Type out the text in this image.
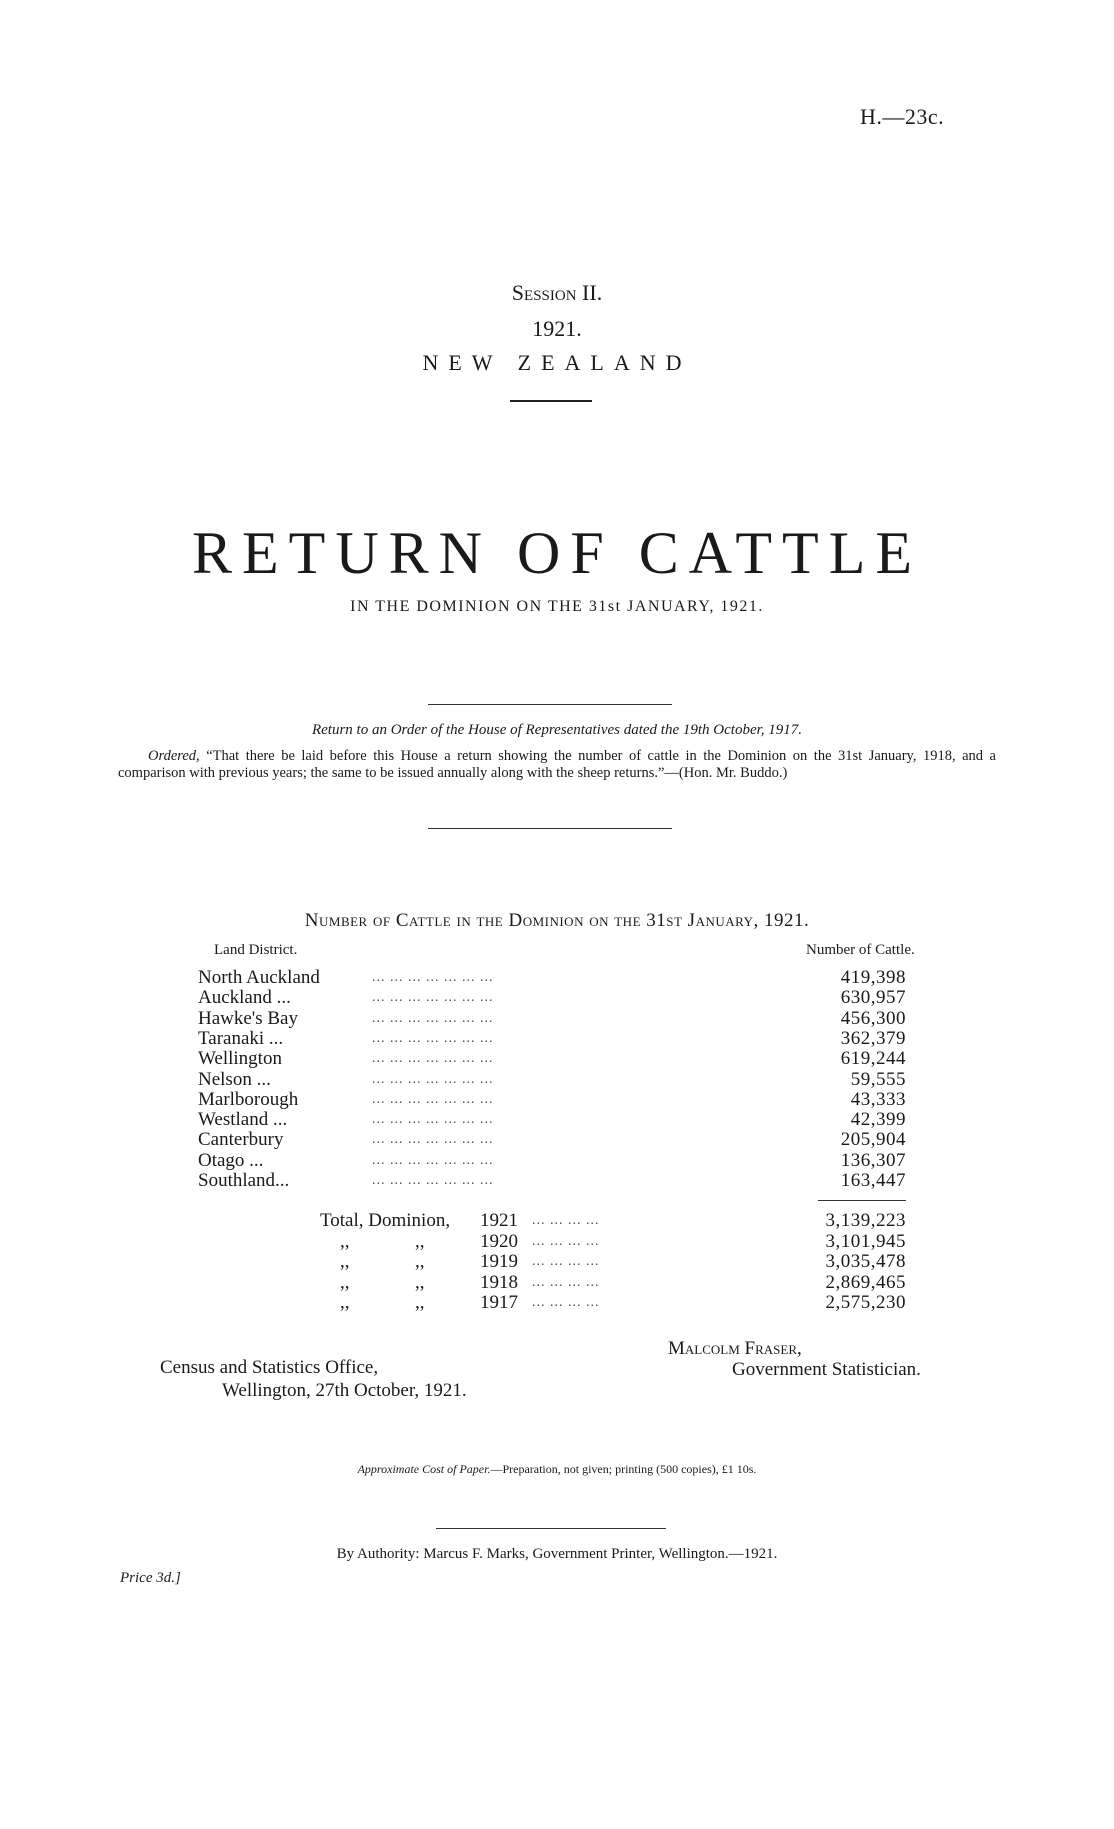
H.—23c.
Session II.
1921.
NEW ZEALAND
RETURN OF CATTLE
IN THE DOMINION ON THE 31st JANUARY, 1921.
Return to an Order of the House of Representatives dated the 19th October, 1917.
Ordered, “That there be laid before this House a return showing the number of cattle in the Dominion on the 31st January, 1918, and a comparison with previous years; the same to be issued annually along with the sheep returns.”—(Hon. Mr. Buddo.)
Number of Cattle in the Dominion on the 31st January, 1921.
Land District.	Number of Cattle.
North Auckland	... ... ... ... ... ... ...	419,398
Auckland ...	... ... ... ... ... ... ...	630,957
Hawke's Bay	... ... ... ... ... ... ...	456,300
Taranaki ...	... ... ... ... ... ... ...	362,379
Wellington	... ... ... ... ... ... ...	619,244
Nelson ...	... ... ... ... ... ... ...	59,555
Marlborough	... ... ... ... ... ... ...	43,333
Westland ...	... ... ... ... ... ... ...	42,399
Canterbury	... ... ... ... ... ... ...	205,904
Otago ...	... ... ... ... ... ... ...	136,307
Southland...	... ... ... ... ... ... ...	163,447
Total, Dominion, 1921 ... ... ... ...	3,139,223
,,	,,	1920 ... ... ... ...	3,101,945
,,	,,	1919 ... ... ... ...	3,035,478
,,	,,	1918 ... ... ... ...	2,869,465
,,	,,	1917 ... ... ... ...	2,575,230
Census and Statistics Office,
Wellington, 27th October, 1921.
Malcolm Fraser,
Government Statistician.
Approximate Cost of Paper.—Preparation, not given; printing (500 copies), £1 10s.
By Authority: Marcus F. Marks, Government Printer, Wellington.—1921.
Price 3d.]
